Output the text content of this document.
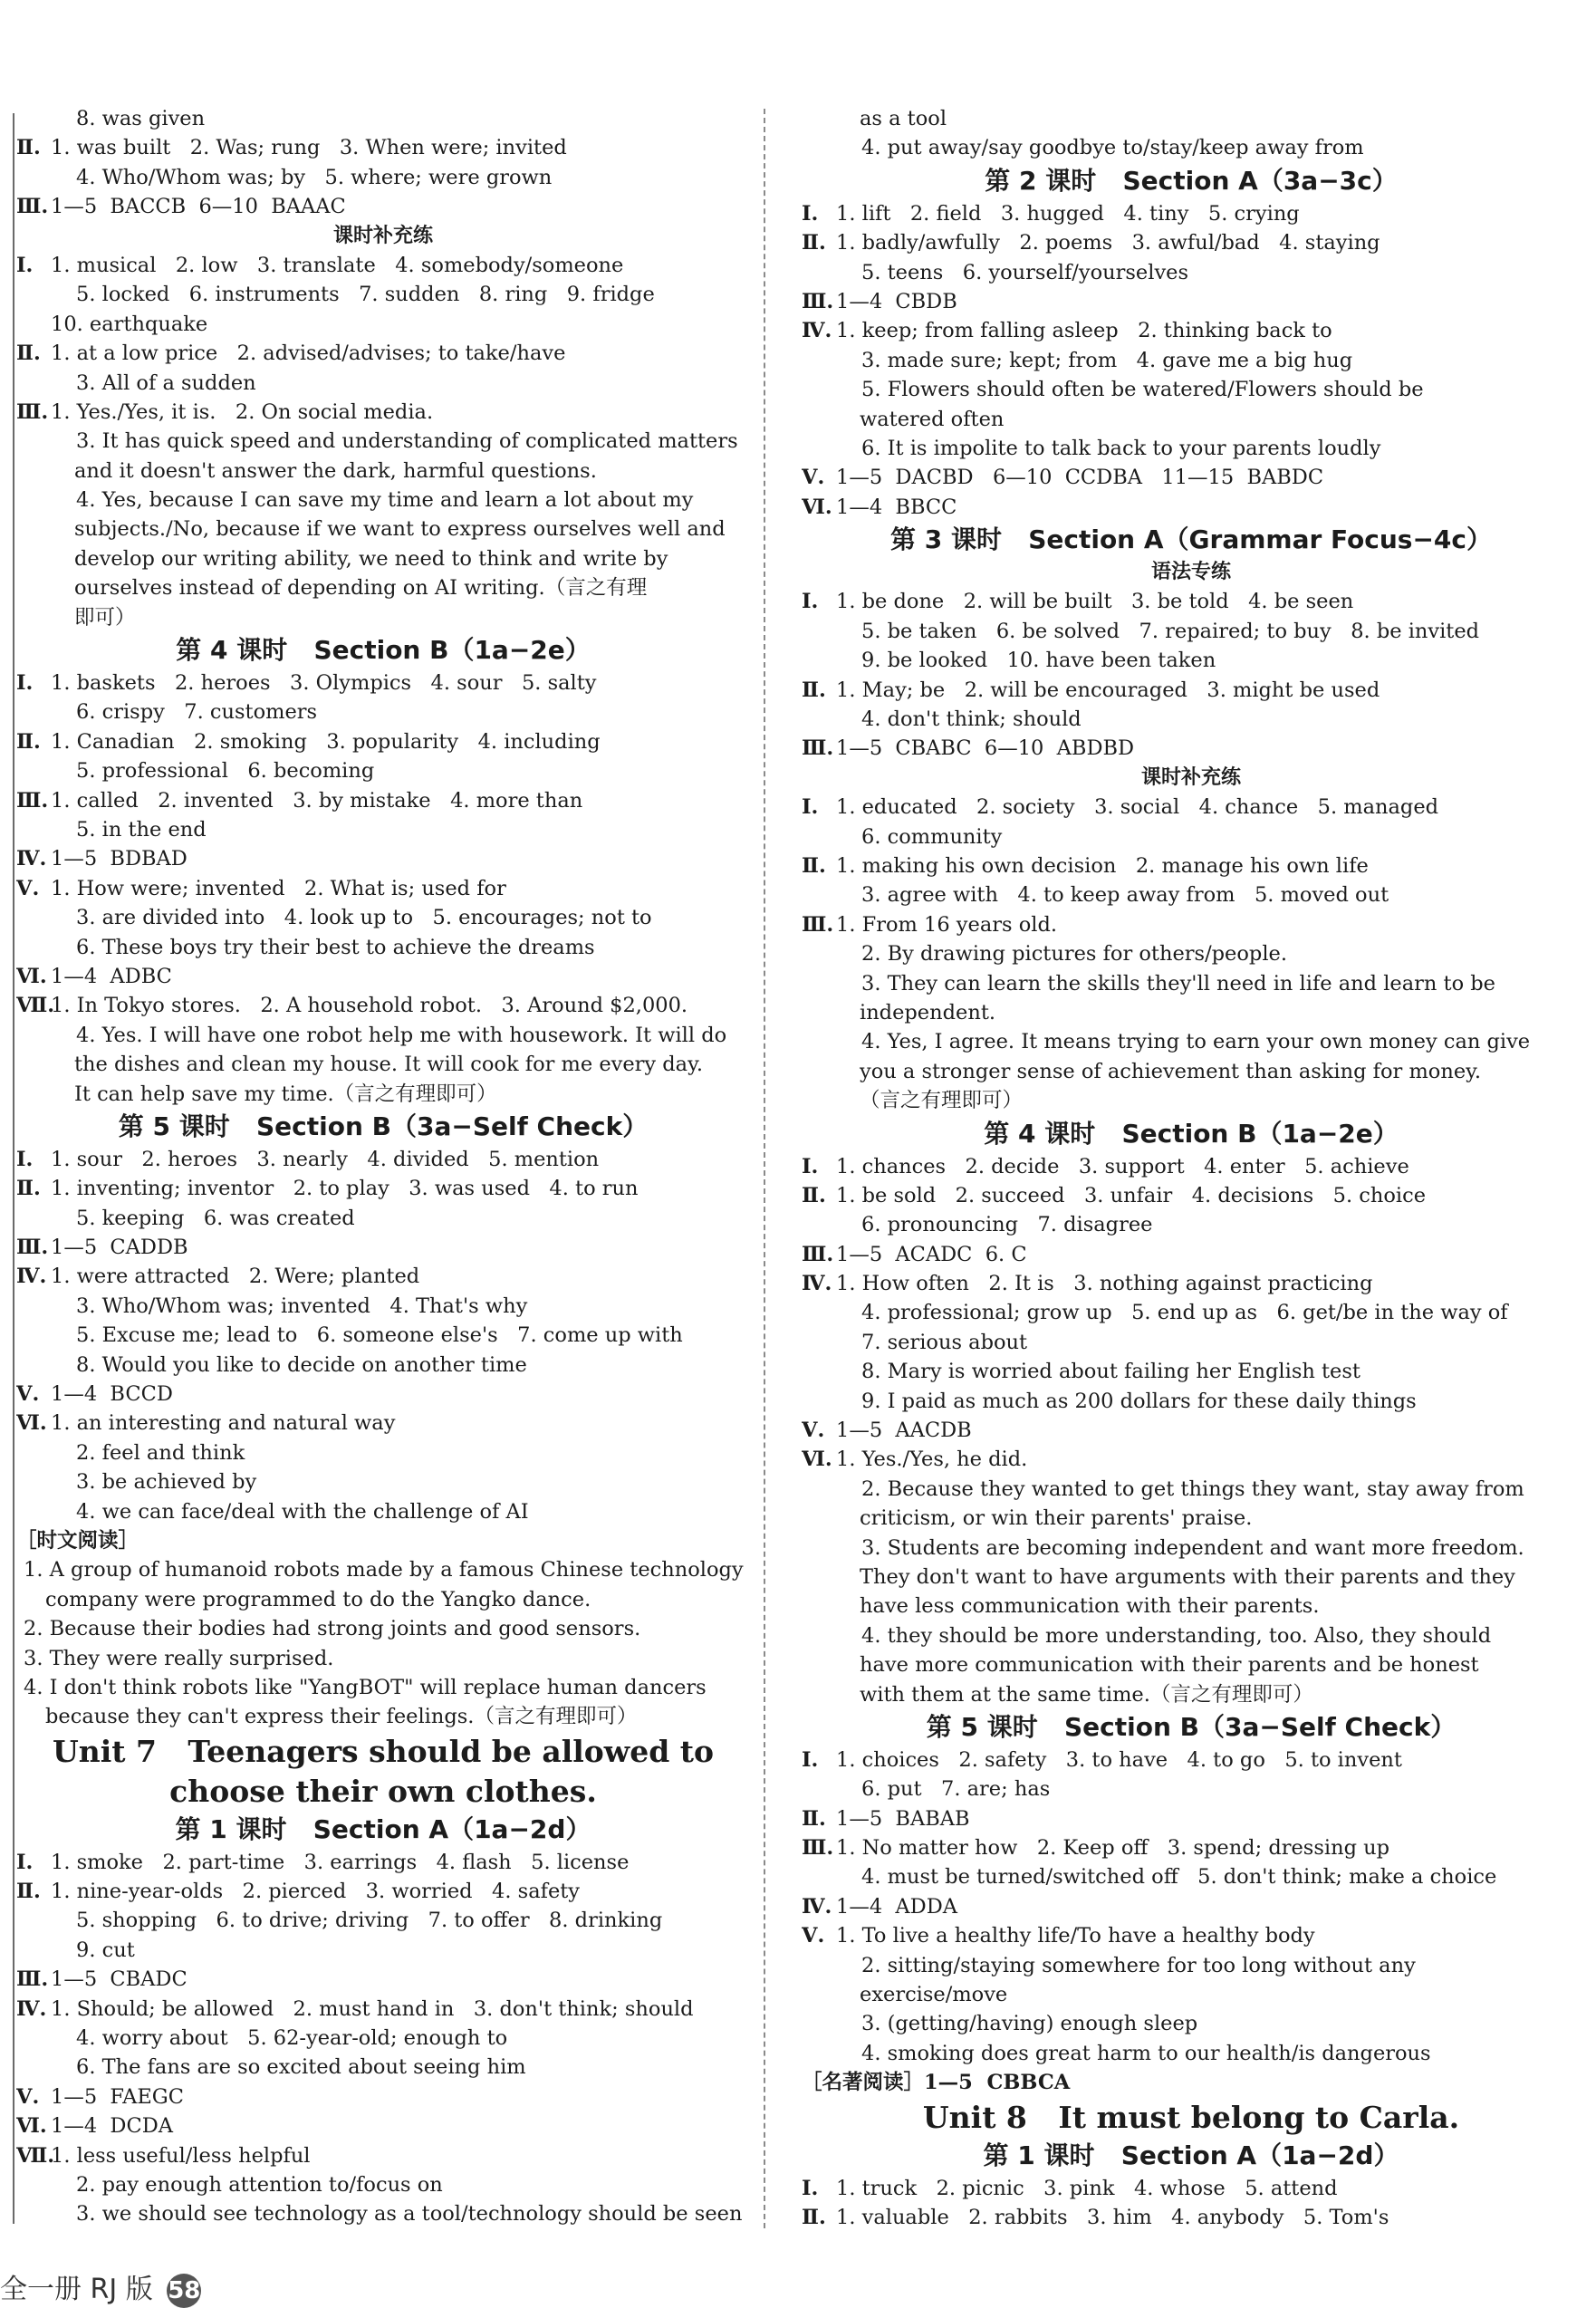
8. was given
Ⅱ. 1. was built   2. Was; rung   3. When were; invited
4. Who/Whom was; by   5. where; were grown
Ⅲ. 1—5  BACCB  6—10  BAAAC
课时补充练
Ⅰ. 1. musical   2. low   3. translate   4. somebody/someone
5. locked   6. instruments   7. sudden   8. ring   9. fridge
10. earthquake
Ⅱ. 1. at a low price   2. advised/advises; to take/have
3. All of a sudden
Ⅲ. 1. Yes./Yes, it is.   2. On social media.
3. It has quick speed and understanding of complicated matters
and it doesn't answer the dark, harmful questions.
4. Yes, because I can save my time and learn a lot about my
subjects./No, because if we want to express ourselves well and
develop our writing ability, we need to think and write by
ourselves instead of depending on AI writing.（言之有理
即可）
第 4 课时   Section B（1a−2e）
Ⅰ. 1. baskets   2. heroes   3. Olympics   4. sour   5. salty
6. crispy   7. customers
Ⅱ. 1. Canadian   2. smoking   3. popularity   4. including
5. professional   6. becoming
Ⅲ. 1. called   2. invented   3. by mistake   4. more than
5. in the end
Ⅳ. 1—5  BDBAD
Ⅴ. 1. How were; invented   2. What is; used for
3. are divided into   4. look up to   5. encourages; not to
6. These boys try their best to achieve the dreams
Ⅵ. 1—4  ADBC
Ⅶ.
1. In Tokyo stores.   2. A household robot.   3. Around $2,000.
4. Yes. I will have one robot help me with housework. It will do
the dishes and clean my house. It will cook for me every day.
It can help save my time.（言之有理即可）
第 5 课时   Section B（3a−Self Check）
Ⅰ. 1. sour   2. heroes   3. nearly   4. divided   5. mention
Ⅱ. 1. inventing; inventor   2. to play   3. was used   4. to run
5. keeping   6. was created
Ⅲ. 1—5  CADDB
Ⅳ. 1. were attracted   2. Were; planted
3. Who/Whom was; invented   4. That's why
5. Excuse me; lead to   6. someone else's   7. come up with
8. Would you like to decide on another time
Ⅴ. 1—4  BCCD
Ⅵ. 1. an interesting and natural way
2. feel and think
3. be achieved by
4. we can face/deal with the challenge of AI
［时文阅读］
1. A group of humanoid robots made by a famous Chinese technology
company were programmed to do the Yangko dance.
2. Because their bodies had strong joints and good sensors.
3. They were really surprised.
4. I don't think robots like "YangBOT" will replace human dancers
because they can't express their feelings.（言之有理即可）
Unit 7   Teenagers should be allowed to
choose their own clothes.
第 1 课时   Section A（1a−2d）
Ⅰ. 1. smoke   2. part-time   3. earrings   4. flash   5. license
Ⅱ. 1. nine-year-olds   2. pierced   3. worried   4. safety
5. shopping   6. to drive; driving   7. to offer   8. drinking
9. cut
Ⅲ. 1—5  CBADC
Ⅳ. 1. Should; be allowed   2. must hand in   3. don't think; should
4. worry about   5. 62-year-old; enough to
6. The fans are so excited about seeing him
Ⅴ. 1—5  FAEGC
Ⅵ. 1—4  DCDA
Ⅶ.
1. less useful/less helpful
2. pay enough attention to/focus on
3. we should see technology as a tool/technology should be seen
as a tool
4. put away/say goodbye to/stay/keep away from
第 2 课时   Section A（3a−3c）
Ⅰ. 1. lift   2. field   3. hugged   4. tiny   5. crying
Ⅱ. 1. badly/awfully   2. poems   3. awful/bad   4. staying
5. teens   6. yourself/yourselves
Ⅲ. 1—4  CBDB
Ⅳ. 1. keep; from falling asleep   2. thinking back to
3. made sure; kept; from   4. gave me a big hug
5. Flowers should often be watered/Flowers should be
watered often
6. It is impolite to talk back to your parents loudly
Ⅴ. 1—5  DACBD   6—10  CCDBA   11—15  BABDC
Ⅵ. 1—4  BBCC
第 3 课时   Section A（Grammar Focus−4c）
语法专练
Ⅰ. 1. be done   2. will be built   3. be told   4. be seen
5. be taken   6. be solved   7. repaired; to buy   8. be invited
9. be looked   10. have been taken
Ⅱ. 1. May; be   2. will be encouraged   3. might be used
4. don't think; should
Ⅲ. 1—5  CBABC  6—10  ABDBD
课时补充练
Ⅰ. 1. educated   2. society   3. social   4. chance   5. managed
6. community
Ⅱ. 1. making his own decision   2. manage his own life
3. agree with   4. to keep away from   5. moved out
Ⅲ. 1. From 16 years old.
2. By drawing pictures for others/people.
3. They can learn the skills they'll need in life and learn to be
independent.
4. Yes, I agree. It means trying to earn your own money can give
you a stronger sense of achievement than asking for money.
（言之有理即可）
第 4 课时   Section B（1a−2e）
Ⅰ. 1. chances   2. decide   3. support   4. enter   5. achieve
Ⅱ. 1. be sold   2. succeed   3. unfair   4. decisions   5. choice
6. pronouncing   7. disagree
Ⅲ. 1—5  ACADC  6. C
Ⅳ. 1. How often   2. It is   3. nothing against practicing
4. professional; grow up   5. end up as   6. get/be in the way of
7. serious about
8. Mary is worried about failing her English test
9. I paid as much as 200 dollars for these daily things
Ⅴ. 1—5  AACDB
Ⅵ. 1. Yes./Yes, he did.
2. Because they wanted to get things they want, stay away from
criticism, or win their parents' praise.
3. Students are becoming independent and want more freedom.
They don't want to have arguments with their parents and they
have less communication with their parents.
4. they should be more understanding, too. Also, they should
have more communication with their parents and be honest
with them at the same time.（言之有理即可）
第 5 课时   Section B（3a−Self Check）
Ⅰ. 1. choices   2. safety   3. to have   4. to go   5. to invent
6. put   7. are; has
Ⅱ. 1—5  BABAB
Ⅲ. 1. No matter how   2. Keep off   3. spend; dressing up
4. must be turned/switched off   5. don't think; make a choice
Ⅳ. 1—4  ADDA
Ⅴ. 1. To live a healthy life/To have a healthy body
2. sitting/staying somewhere for too long without any
exercise/move
3. (getting/having) enough sleep
4. smoking does great harm to our health/is dangerous
［名著阅读］1—5  CBBCA
Unit 8   It must belong to Carla.
第 1 课时   Section A（1a−2d）
Ⅰ. 1. truck   2. picnic   3. pink   4. whose   5. attend
Ⅱ. 1. valuable   2. rabbits   3. him   4. anybody   5. Tom's
全一册 RJ 版 58
